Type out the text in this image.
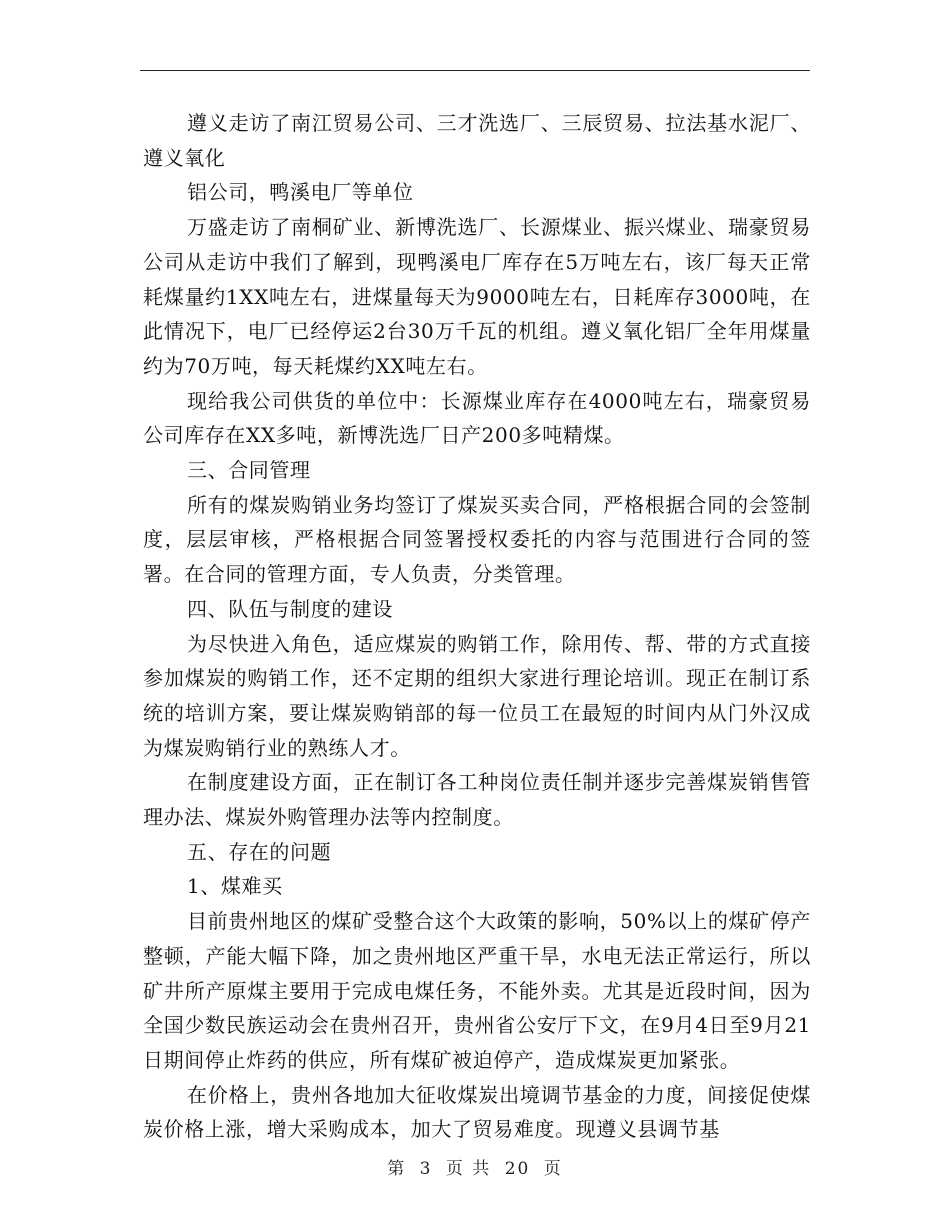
遵义走访了南江贸易公司、三才洗选厂、三辰贸易、拉法基水泥厂、遵义氧化

铝公司，鸭溪电厂等单位

万盛走访了南桐矿业、新博洗选厂、长源煤业、振兴煤业、瑞豪贸易公司从走访中我们了解到，现鸭溪电厂库存在5万吨左右，该厂每天正常耗煤量约1XX吨左右，进煤量每天为9000吨左右，日耗库存3000吨，在此情况下，电厂已经停运2台30万千瓦的机组。遵义氧化铝厂全年用煤量约为70万吨，每天耗煤约XX吨左右。

现给我公司供货的单位中：长源煤业库存在4000吨左右，瑞豪贸易公司库存在XX多吨，新博洗选厂日产200多吨精煤。

三、合同管理

所有的煤炭购销业务均签订了煤炭买卖合同，严格根据合同的会签制度，层层审核，严格根据合同签署授权委托的内容与范围进行合同的签署。在合同的管理方面，专人负责，分类管理。

四、队伍与制度的建设

为尽快进入角色，适应煤炭的购销工作，除用传、帮、带的方式直接参加煤炭的购销工作，还不定期的组织大家进行理论培训。现正在制订系统的培训方案，要让煤炭购销部的每一位员工在最短的时间内从门外汉成为煤炭购销行业的熟练人才。

在制度建设方面，正在制订各工种岗位责任制并逐步完善煤炭销售管理办法、煤炭外购管理办法等内控制度。

五、存在的问题

1、煤难买

目前贵州地区的煤矿受整合这个大政策的影响，50%以上的煤矿停产整顿，产能大幅下降，加之贵州地区严重干旱，水电无法正常运行，所以矿井所产原煤主要用于完成电煤任务，不能外卖。尤其是近段时间，因为全国少数民族运动会在贵州召开，贵州省公安厅下文，在9月4日至9月21日期间停止炸药的供应，所有煤矿被迫停产，造成煤炭更加紧张。

在价格上，贵州各地加大征收煤炭出境调节基金的力度，间接促使煤炭价格上涨，增大采购成本，加大了贸易难度。现遵义县调节基

第 3 页 共 20 页
